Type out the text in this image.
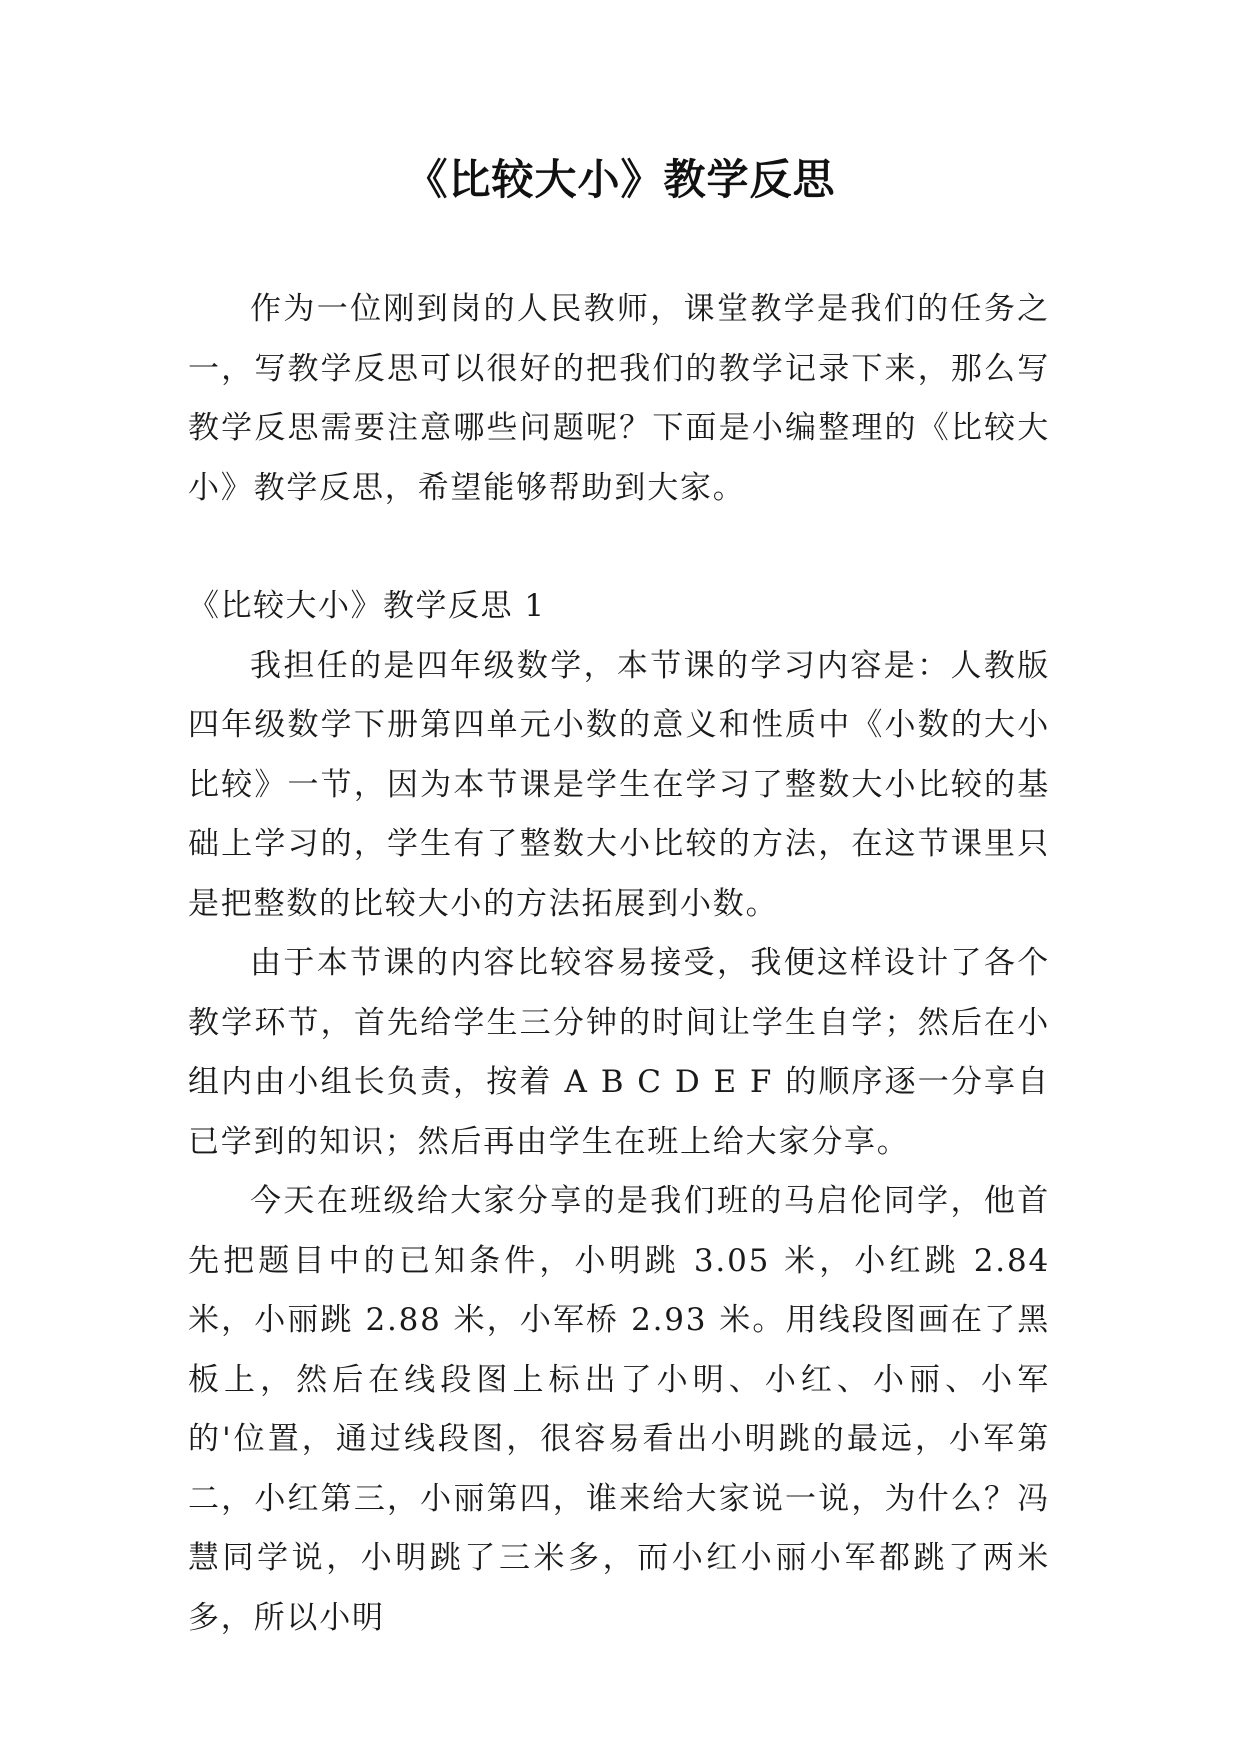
《比较大小》教学反思

作为一位刚到岗的人民教师，课堂教学是我们的任务之一，写教学反思可以很好的把我们的教学记录下来，那么写教学反思需要注意哪些问题呢？下面是小编整理的《比较大小》教学反思，希望能够帮助到大家。

《比较大小》教学反思 1

我担任的是四年级数学，本节课的学习内容是：人教版四年级数学下册第四单元小数的意义和性质中《小数的大小比较》一节，因为本节课是学生在学习了整数大小比较的基础上学习的，学生有了整数大小比较的方法，在这节课里只是把整数的比较大小的方法拓展到小数。

由于本节课的内容比较容易接受，我便这样设计了各个教学环节，首先给学生三分钟的时间让学生自学；然后在小组内由小组长负责，按着 A B C D E F 的顺序逐一分享自已学到的知识；然后再由学生在班上给大家分享。

今天在班级给大家分享的是我们班的马启伦同学，他首先把题目中的已知条件，小明跳 3.05 米，小红跳 2.84 米，小丽跳 2.88 米，小军桥 2.93 米。用线段图画在了黑板上，然后在线段图上标出了小明、小红、小丽、小军的'位置，通过线段图，很容易看出小明跳的最远，小军第二，小红第三，小丽第四，谁来给大家说一说，为什么？冯慧同学说，小明跳了三米多，而小红小丽小军都跳了两米多，所以小明
